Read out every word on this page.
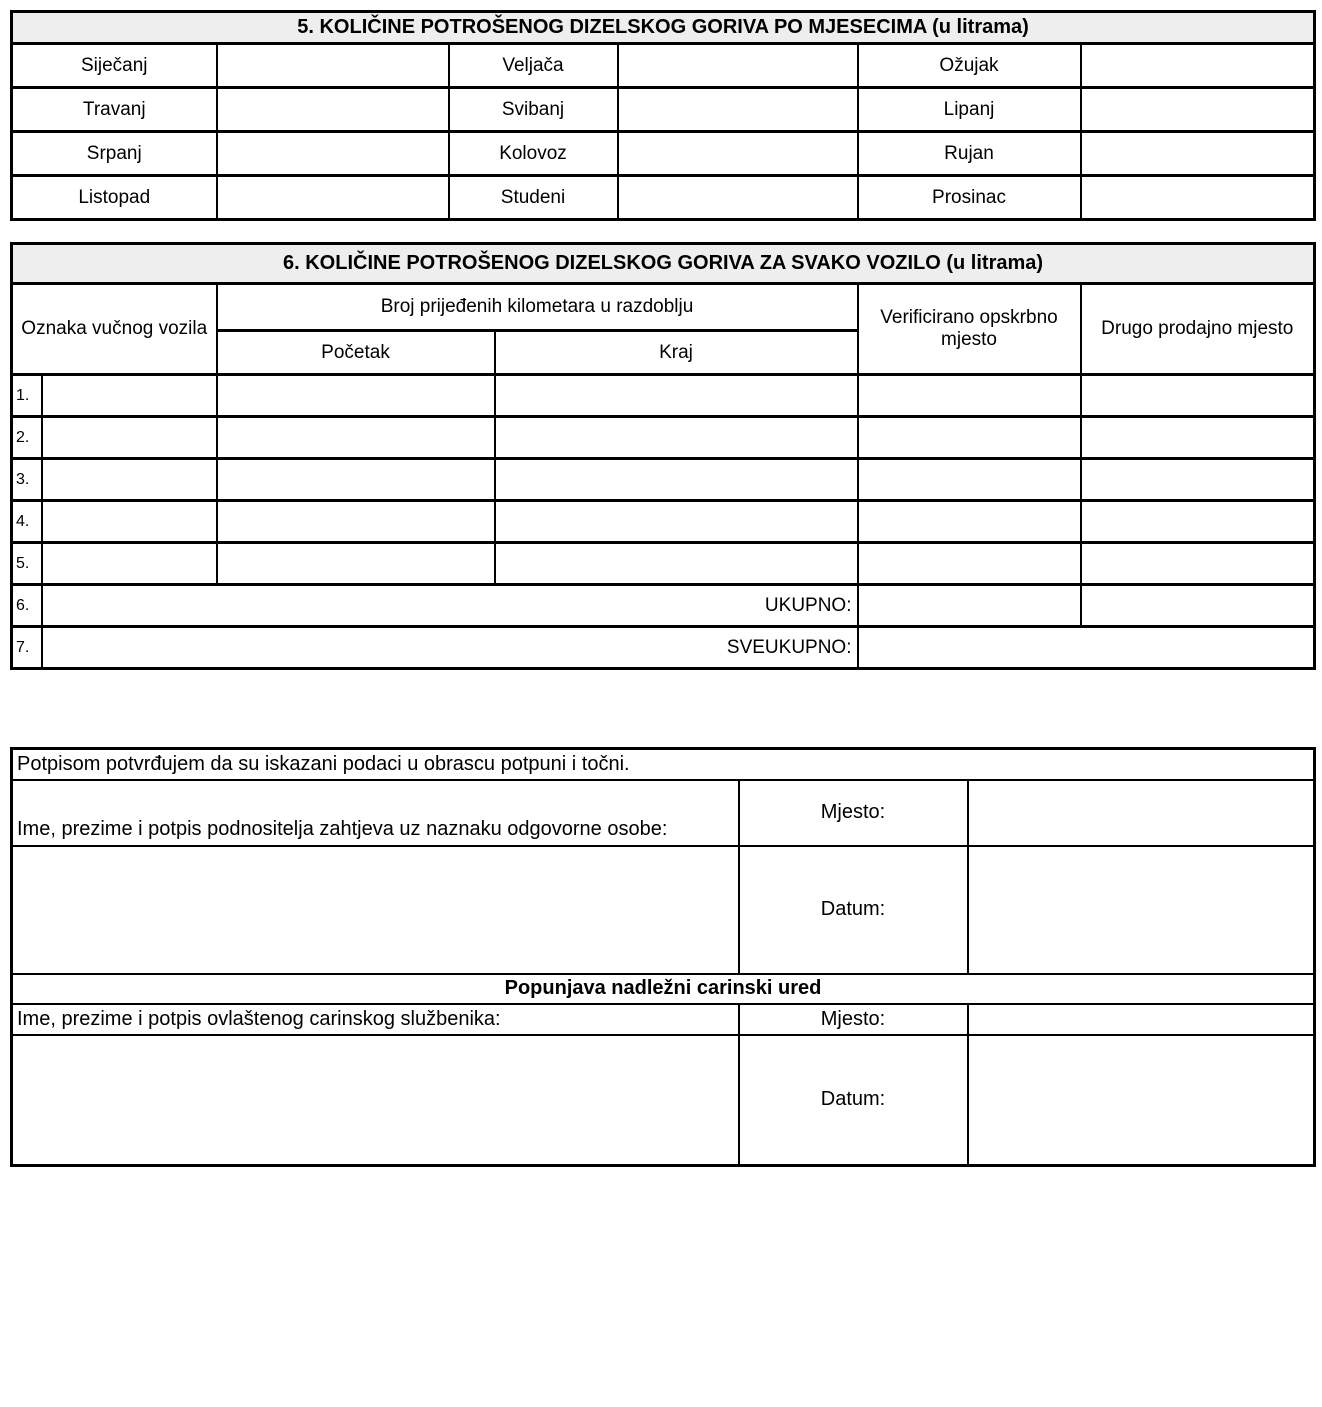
5. KOLIČINE POTROŠENOG DIZELSKOG GORIVA PO MJESECIMA (u litrama)					
Siječanj		Veljača		Ožujak	
Travanj		Svibanj		Lipanj	
Srpanj		Kolovoz		Rujan	
Listopad		Studeni		Prosinac	
6. KOLIČINE POTROŠENOG DIZELSKOG GORIVA ZA SVAKO VOZILO (u litrama)					
Oznaka vučnog vozila		Broj prijeđenih kilometara u razdoblju		Verificirano opskrbno mjesto	Drugo prodajno mjesto
		Početak	Kraj		
1.					
2.					
3.					
4.					
5.					
6.	UKUPNO:				
7.	SVEUKUPNO:				
Potpisom potvrđujem da su iskazani podaci u obrascu potpuni i točni.		
Ime, prezime i potpis podnositelja zahtjeva uz naznaku odgovorne osobe:	Mjesto:	

	Datum:	
Popunjava nadležni carinski ured		
Ime, prezime i potpis ovlaštenog carinskog službenika:	Mjesto:	

	Datum:	
